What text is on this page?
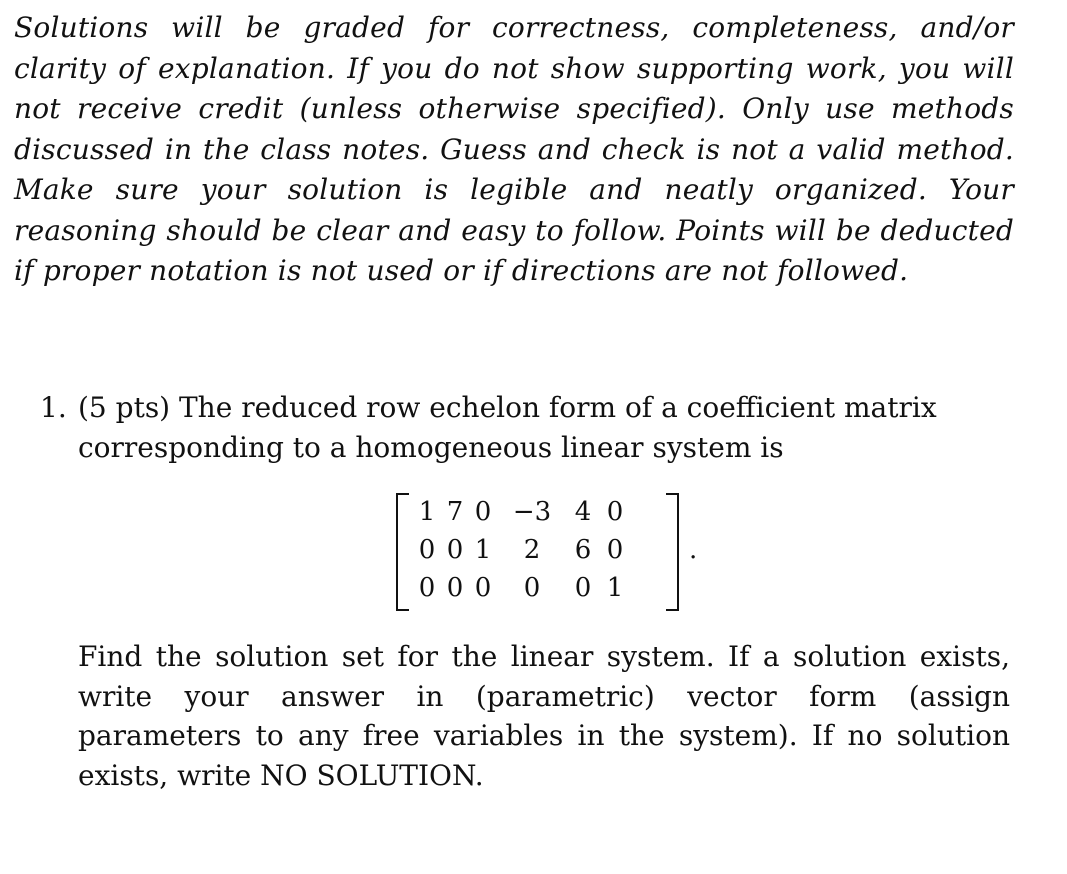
Solutions will be graded for correctness, completeness, and/or clarity of explanation. If you do not show supporting work, you will not receive credit (unless otherwise specified). Only use methods discussed in the class notes. Guess and check is not a valid method. Make sure your solution is legible and neatly organized. Your reasoning should be clear and easy to follow. Points will be deducted if proper notation is not used or if directions are not followed.
1. (5 pts) The reduced row echelon form of a coefficient matrix corresponding to a homogeneous linear system is
1	7	0	−3	4	0
0	0	1	2	6	0
0	0	0	0	0	1
.
Find the solution set for the linear system. If a solution exists, write your answer in (parametric) vector form (assign parameters to any free variables in the system). If no solution exists, write NO SOLUTION.
